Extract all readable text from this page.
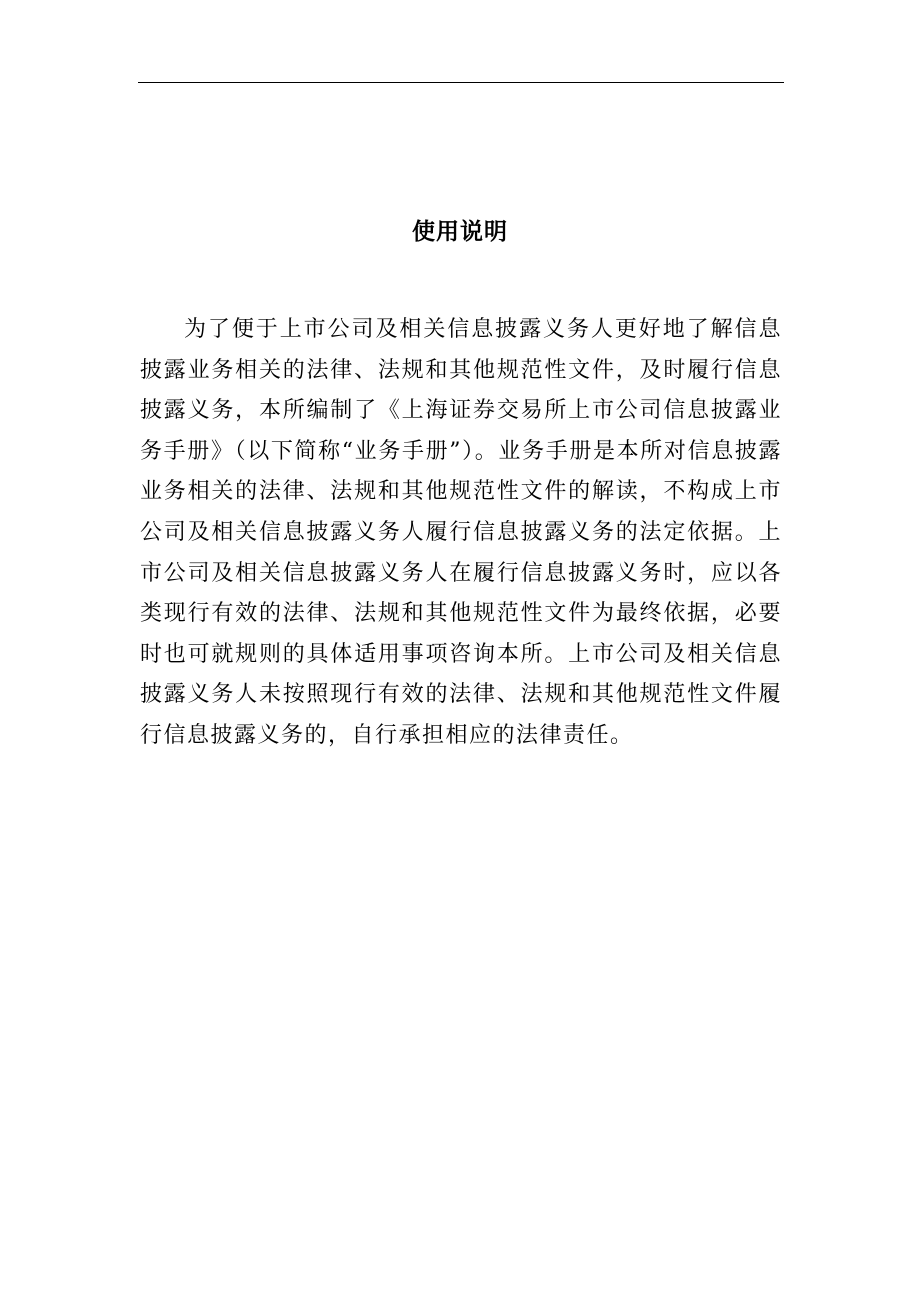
使用说明

为了便于上市公司及相关信息披露义务人更好地了解信息披露业务相关的法律、法规和其他规范性文件，及时履行信息披露义务，本所编制了《上海证券交易所上市公司信息披露业务手册》（以下简称“业务手册”）。业务手册是本所对信息披露业务相关的法律、法规和其他规范性文件的解读，不构成上市公司及相关信息披露义务人履行信息披露义务的法定依据。上市公司及相关信息披露义务人在履行信息披露义务时，应以各类现行有效的法律、法规和其他规范性文件为最终依据，必要时也可就规则的具体适用事项咨询本所。上市公司及相关信息披露义务人未按照现行有效的法律、法规和其他规范性文件履行信息披露义务的，自行承担相应的法律责任。
